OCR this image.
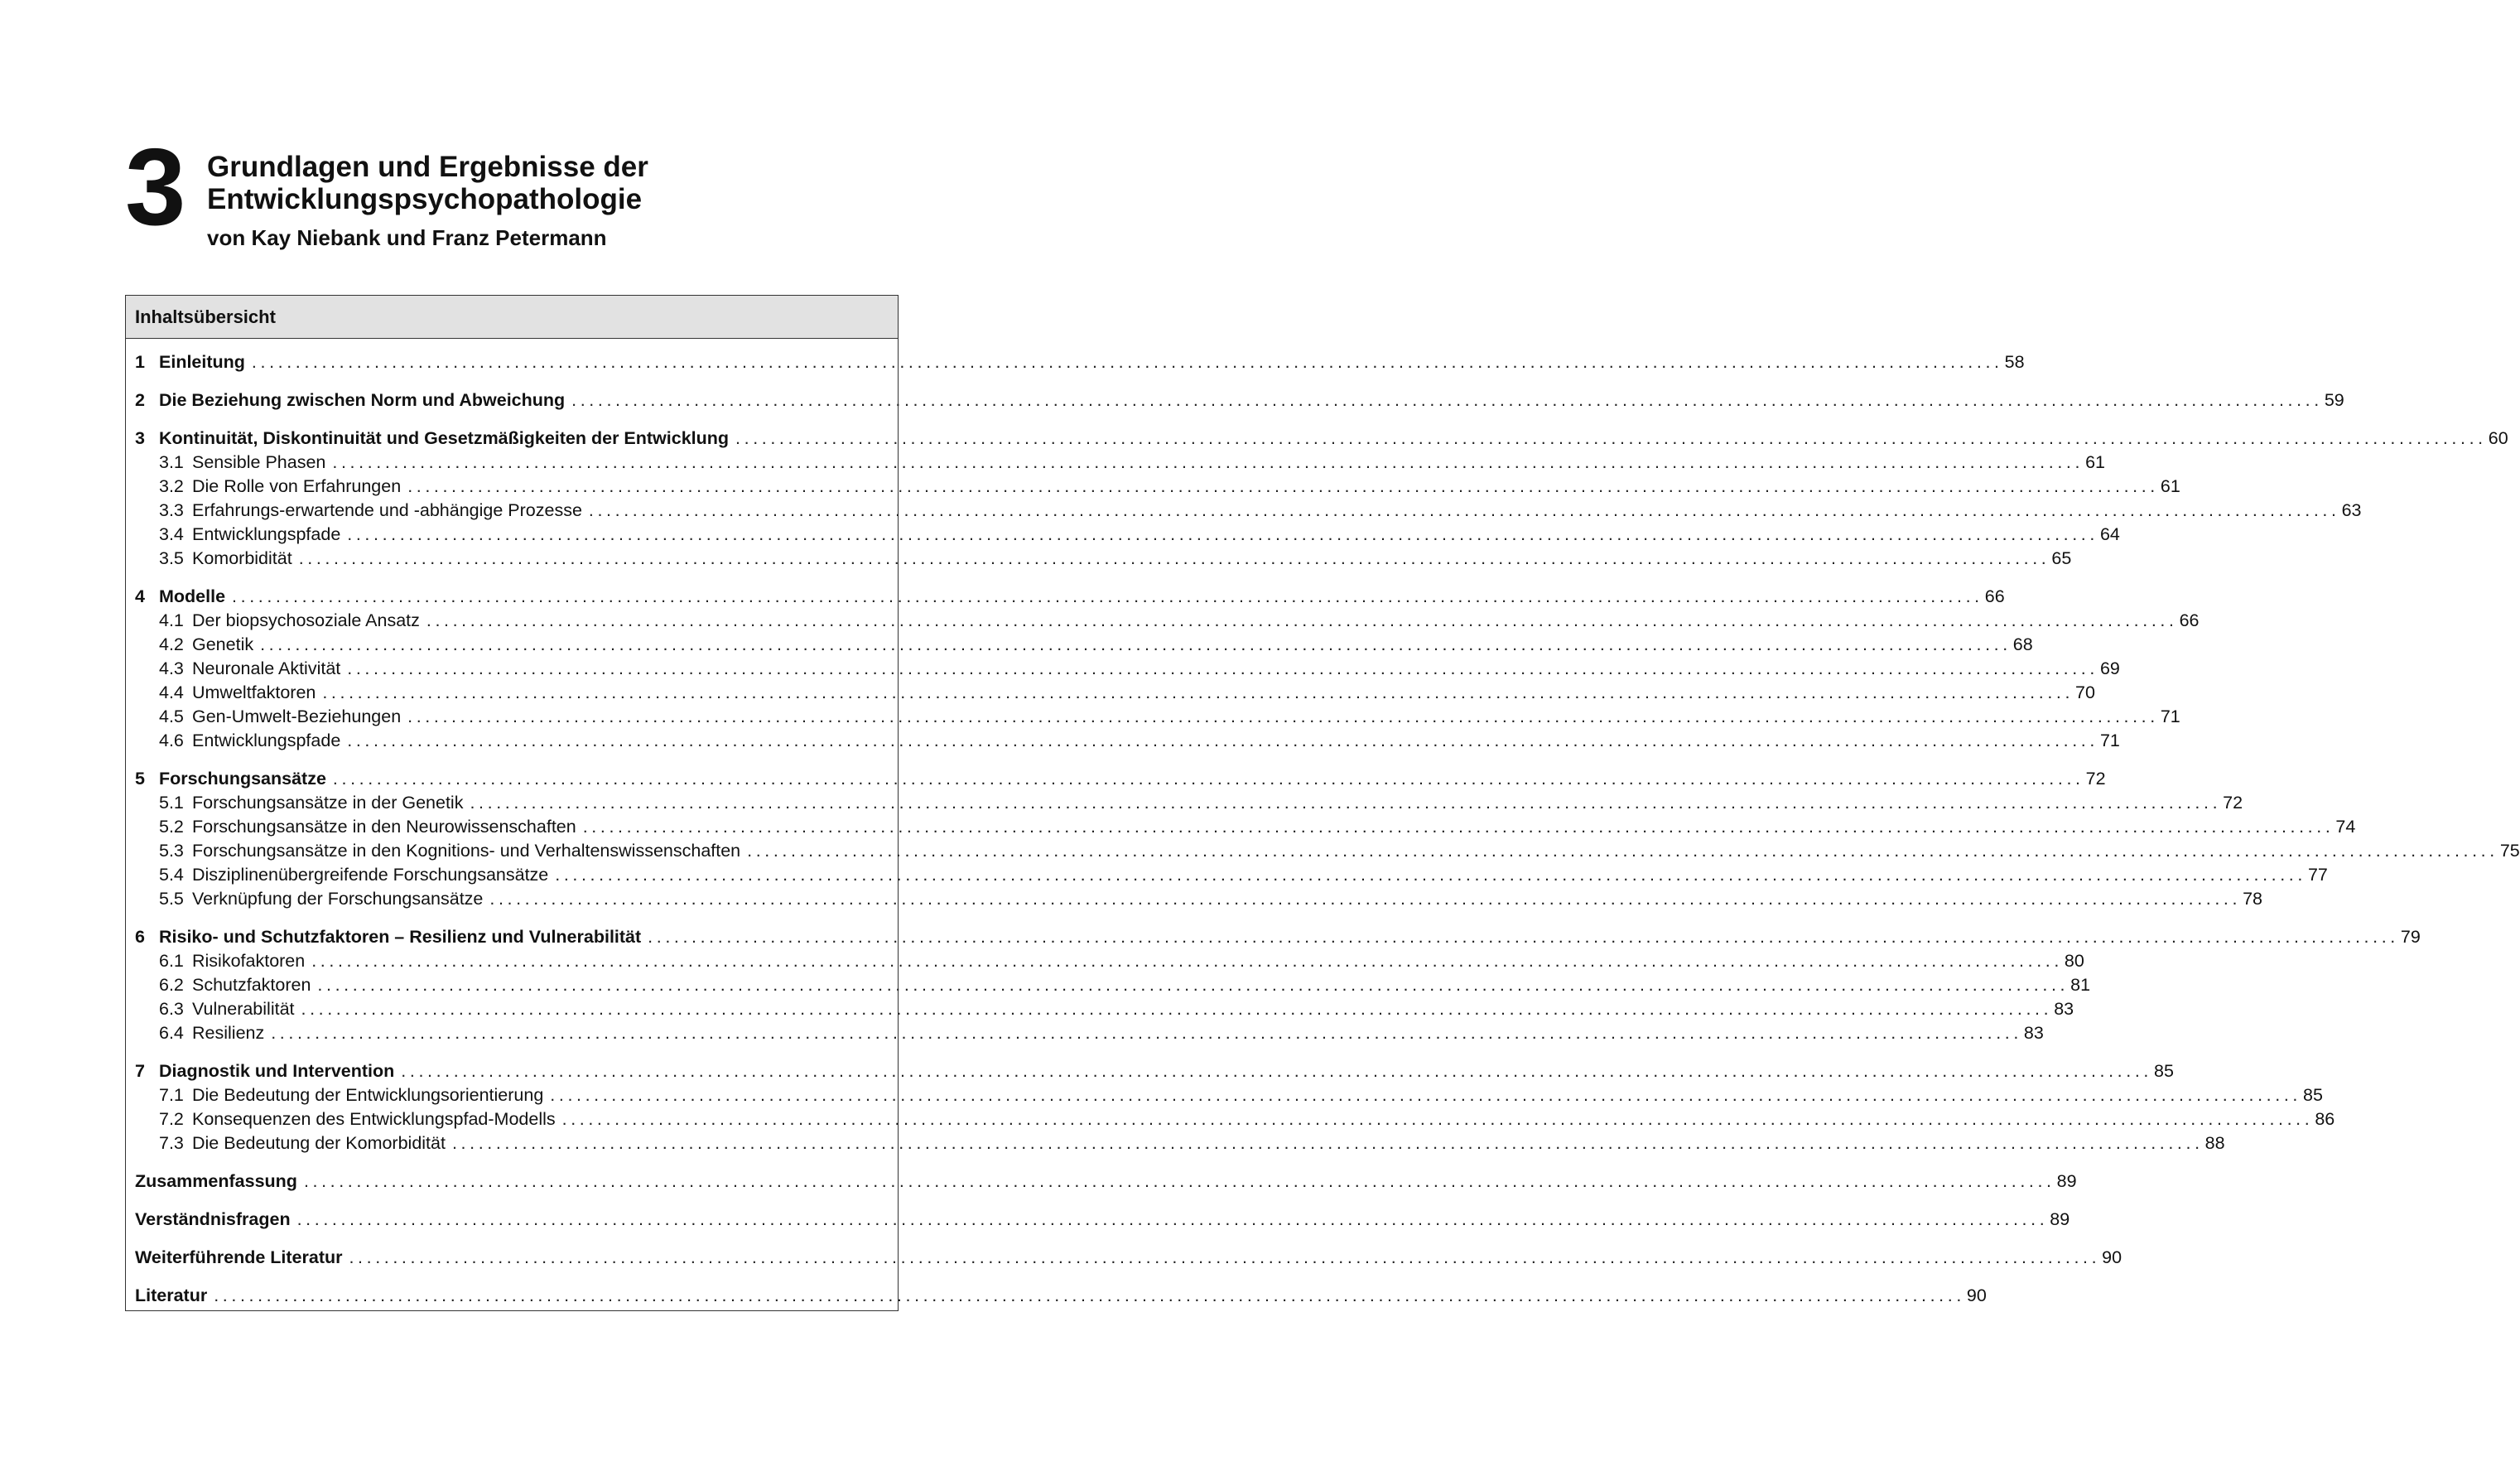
3 Grundlagen und Ergebnisse der
Entwicklungspsychopathologie
von Kay Niebank und Franz Petermann
Inhaltsübersicht
1 Einleitung ........................................................................................................................................................................................................ 58
2 Die Beziehung zwischen Norm und Abweichung ........................................................................................................................................................................................................ 59
3 Kontinuität, Diskontinuität und Gesetzmäßigkeiten der Entwicklung ........................................................................................................................................................................................................ 60
3.1 Sensible Phasen ........................................................................................................................................................................................................ 61
3.2 Die Rolle von Erfahrungen ........................................................................................................................................................................................................ 61
3.3 Erfahrungs-erwartende und -abhängige Prozesse ........................................................................................................................................................................................................ 63
3.4 Entwicklungspfade ........................................................................................................................................................................................................ 64
3.5 Komorbidität ........................................................................................................................................................................................................ 65
4 Modelle ........................................................................................................................................................................................................ 66
4.1 Der biopsychosoziale Ansatz ........................................................................................................................................................................................................ 66
4.2 Genetik ........................................................................................................................................................................................................ 68
4.3 Neuronale Aktivität ........................................................................................................................................................................................................ 69
4.4 Umweltfaktoren ........................................................................................................................................................................................................ 70
4.5 Gen-Umwelt-Beziehungen ........................................................................................................................................................................................................ 71
4.6 Entwicklungspfade ........................................................................................................................................................................................................ 71
5 Forschungsansätze ........................................................................................................................................................................................................ 72
5.1 Forschungsansätze in der Genetik ........................................................................................................................................................................................................ 72
5.2 Forschungsansätze in den Neurowissenschaften ........................................................................................................................................................................................................ 74
5.3 Forschungsansätze in den Kognitions- und Verhaltenswissenschaften ........................................................................................................................................................................................................ 75
5.4 Disziplinenübergreifende Forschungsansätze ........................................................................................................................................................................................................ 77
5.5 Verknüpfung der Forschungsansätze ........................................................................................................................................................................................................ 78
6 Risiko- und Schutzfaktoren – Resilienz und Vulnerabilität ........................................................................................................................................................................................................ 79
6.1 Risikofaktoren ........................................................................................................................................................................................................ 80
6.2 Schutzfaktoren ........................................................................................................................................................................................................ 81
6.3 Vulnerabilität ........................................................................................................................................................................................................ 83
6.4 Resilienz ........................................................................................................................................................................................................ 83
7 Diagnostik und Intervention ........................................................................................................................................................................................................ 85
7.1 Die Bedeutung der Entwicklungsorientierung ........................................................................................................................................................................................................ 85
7.2 Konsequenzen des Entwicklungspfad-Modells ........................................................................................................................................................................................................ 86
7.3 Die Bedeutung der Komorbidität ........................................................................................................................................................................................................ 88
Zusammenfassung ........................................................................................................................................................................................................ 89
Verständnisfragen ........................................................................................................................................................................................................ 89
Weiterführende Literatur ........................................................................................................................................................................................................ 90
Literatur ........................................................................................................................................................................................................ 90
